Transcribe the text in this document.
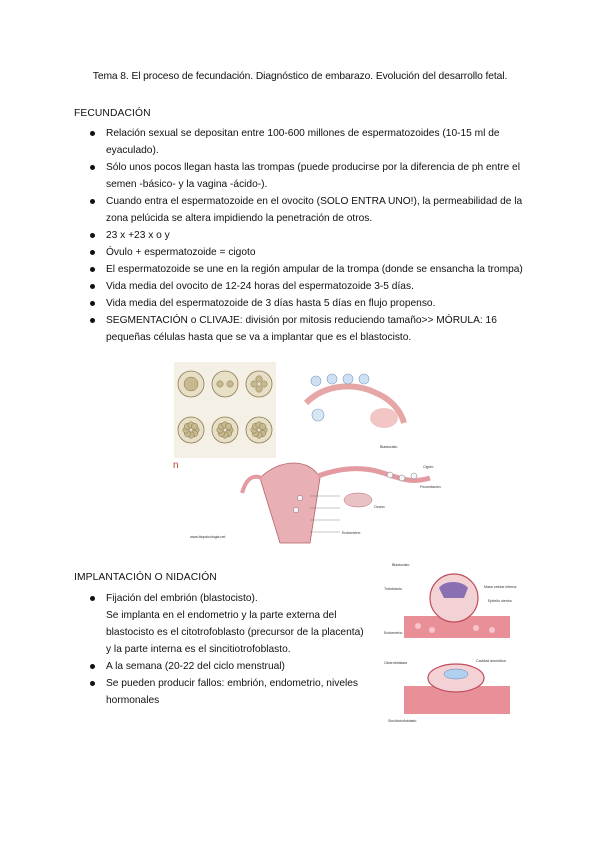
Tema 8. El proceso de fecundación. Diagnóstico de embarazo. Evolución del desarrollo fetal.
FECUNDACIÓN
Relación sexual se depositan entre 100-600 millones de espermatozoides (10-15 ml de eyaculado).
Sólo unos pocos llegan hasta las trompas (puede producirse por la diferencia de ph entre el semen -básico- y la vagina -ácido-).
Cuando entra el espermatozoide en el ovocito (SOLO ENTRA UNO!), la permeabilidad de la zona pelúcida se altera impidiendo la penetración de otros.
23 x +23 x o y
Óvulo + espermatozoide = cigoto
El espermatozoide se une en la región ampular de la trompa (donde se ensancha la trompa)
Vida media del ovocito de 12-24 horas del espermatozoide 3-5 días.
Vida media del espermatozoide de 3 días hasta 5 días en flujo propenso.
SEGMENTACIÓN o CLIVAJE: división por mitosis reduciendo tamaño>> MÓRULA: 16 pequeñas células hasta que se va a implantar que es el blastocisto.
n
Blastocisto
Cigoto
Ovario
Fecundación
Endometrio
www.biopsicologia.net
IMPLANTACIÓN O NIDACIÓN
Fijación del embrión (blastocisto).
Se implanta en el endometrio y la parte externa del blastocisto es el citotrofoblasto (precursor de la placenta) y la parte interna es el sincitiotrofoblasto.
A la semana (20-22 del ciclo menstrual)
Se pueden producir fallos: embrión, endometrio, niveles hormonales
Blastocisto
Trofoblasto	Masa celular interna
Epitelio uterino
Endometrio
Citotrofoblasto	Cavidad amniótica
Sincitiotrofoblasto
